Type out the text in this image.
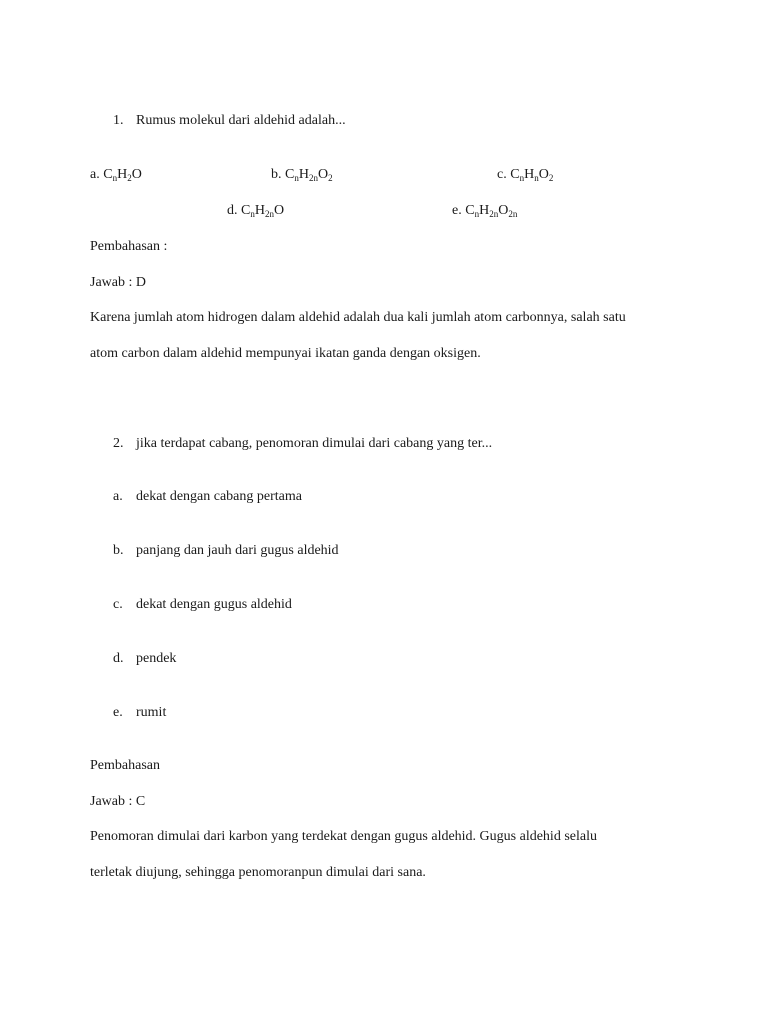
1. Rumus molekul dari aldehid adalah...
a. $C_nH_2O$	b. $C_nH_{2n}O_2$	c. $C_nH_nO_2$
d. $C_nH_{2n}O$	e. $C_nH_{2n}O_{2n}$
Pembahasan :
Jawab : D
Karena jumlah atom hidrogen dalam aldehid adalah dua kali jumlah atom carbonnya, salah satu
atom carbon dalam aldehid mempunyai ikatan ganda dengan oksigen.
2. jika terdapat cabang, penomoran dimulai dari cabang yang ter...
a. dekat dengan cabang pertama
b. panjang dan jauh dari gugus aldehid
c. dekat dengan gugus aldehid
d. pendek
e. rumit
Pembahasan
Jawab : C
Penomoran dimulai dari karbon yang terdekat dengan gugus aldehid. Gugus aldehid selalu
terletak diujung, sehingga penomoranpun dimulai dari sana.
